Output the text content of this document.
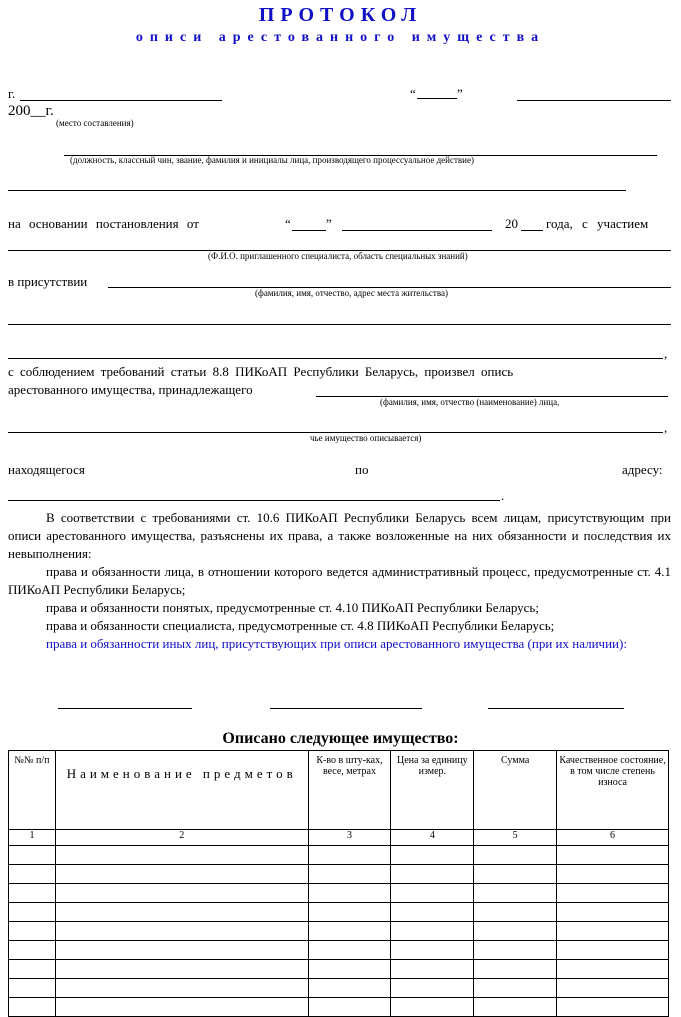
ПРОТОКОЛ
описи арестованного имущества
г.	“	”
200__г.
(место составления)
(должность, классный чин, звание, фамилия и инициалы лица, производящего процессуальное действие)
на основании постановления от	“	”	20 года, с участием
(Ф.И.О. приглашенного специалиста, область специальных знаний)
в присутствии
(фамилия, имя, отчество, адрес места жительства)
,
с соблюдением требований статьи 8.8 ПИКоАП Республики Беларусь, произвел опись
арестованного имущества, принадлежащего
(фамилия, имя, отчество (наименование) лица,
,
чье имущество описывается)
находящегося	по	адресу:
.
В соответствии с требованиями ст. 10.6 ПИКоАП Республики Беларусь всем лицам, присутствующим при описи арестованного имущества, разъяснены их права, а также возложенные на них обязанности и последствия их невыполнения:
права и обязанности лица, в отношении которого ведется административный процесс, предусмотренные ст. 4.1 ПИКоАП Республики Беларусь;
права и обязанности понятых, предусмотренные ст. 4.10 ПИКоАП Республики Беларусь;
права и обязанности специалиста, предусмотренные ст. 4.8 ПИКоАП Республики Беларусь;
права и обязанности иных лиц, присутствующих при описи арестованного имущества (при их наличии):
Описано следующее имущество:
№№ п/п	Наименование предметов	К-во в шту-ках, весе, метрах	Цена за единицу измер.	Сумма	Качественное состояние, в том числе степень износа
1	2	3	4	5	6
